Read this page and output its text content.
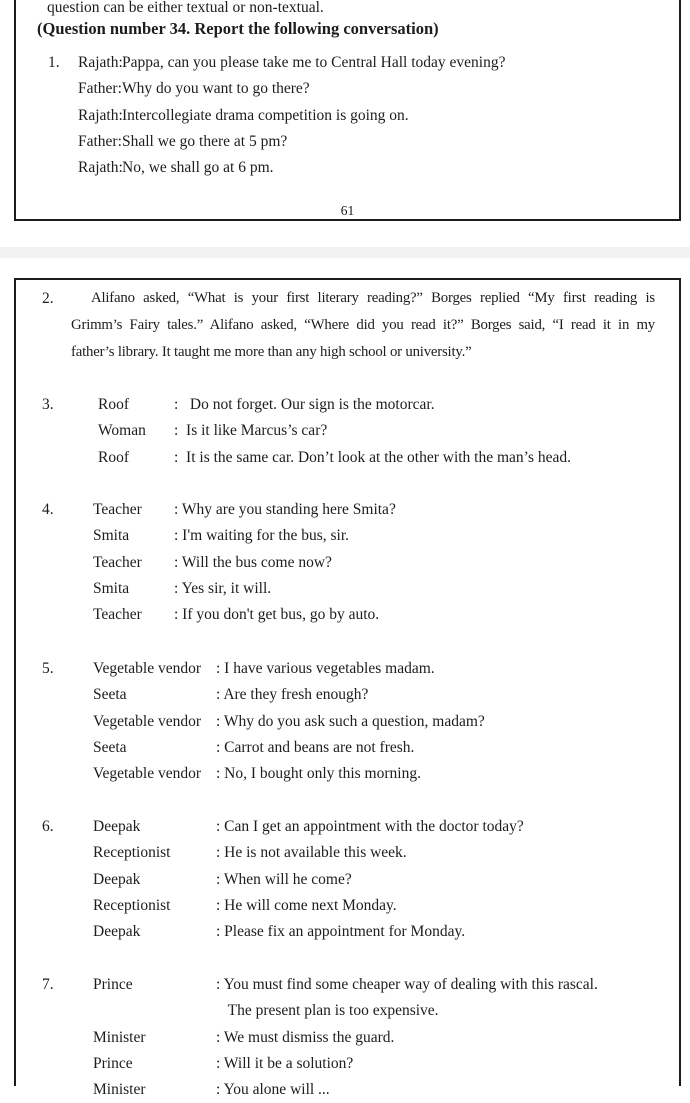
question can be either textual or non-textual.
(Question number 34. Report the following conversation)
1.	Rajath: Pappa, can you please take me to Central Hall today evening?
Father: Why do you want to go there?
Rajath: Intercollegiate drama competition is going on.
Father: Shall we go there at 5 pm?
Rajath: No, we shall go at 6 pm.
61
2.	Alifano asked, “What is your first literary reading?” Borges replied “My first reading is
Grimm’s Fairy tales.” Alifano asked, “Where did you read it?” Borges said, “I read it in my
father’s library. It taught me more than any high school or university.”
3.	Roof	:   Do not forget. Our sign is the motorcar.
Woman	:  Is it like Marcus’s car?
Roof	:  It is the same car. Don’t look at the other with the man’s head.
4.	Teacher	: Why are you standing here Smita?
Smita	: I'm waiting for the bus, sir.
Teacher	: Will the bus come now?
Smita	: Yes sir, it will.
Teacher	: If you don't get bus, go by auto.
5.	Vegetable vendor : I have various vegetables madam.
Seeta	: Are they fresh enough?
Vegetable vendor : Why do you ask such a question, madam?
Seeta	: Carrot and beans are not fresh.
Vegetable vendor : No, I bought only this morning.
6.	Deepak	: Can I get an appointment with the doctor today?
Receptionist	: He is not available this week.
Deepak	: When will he come?
Receptionist	: He will come next Monday.
Deepak	: Please fix an appointment for Monday.
7.	Prince	: You must find some cheaper way of dealing with this rascal.
The present plan is too expensive.
Minister	: We must dismiss the guard.
Prince	: Will it be a solution?
Minister	: You alone will ...
